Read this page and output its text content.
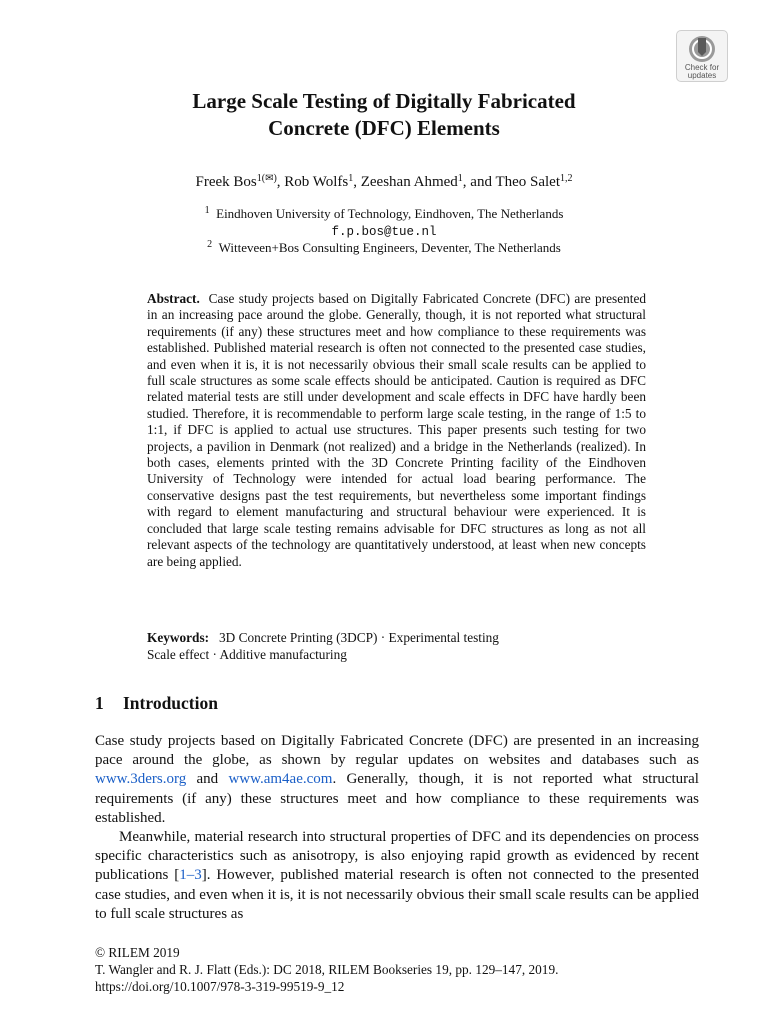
Check for
updates
Large Scale Testing of Digitally Fabricated
Concrete (DFC) Elements
Freek Bos$^{1(✉)}$, Rob Wolfs$^1$, Zeeshan Ahmed$^1$, and Theo Salet$^{1,2}$
$^1$ Eindhoven University of Technology, Eindhoven, The Netherlands
f.p.bos@tue.nl
$^2$ Witteveen+Bos Consulting Engineers, Deventer, The Netherlands

Abstract. Case study projects based on Digitally Fabricated Concrete (DFC) are presented in an increasing pace around the globe. Generally, though, it is not reported what structural requirements (if any) these structures meet and how compliance to these requirements was established. Published material research is often not connected to the presented case studies, and even when it is, it is not necessarily obvious their small scale results can be applied to full scale structures as some scale effects should be anticipated. Caution is required as DFC related material tests are still under development and scale effects in DFC have hardly been studied. Therefore, it is recommendable to perform large scale testing, in the range of 1:5 to 1:1, if DFC is applied to actual use structures. This paper presents such testing for two projects, a pavilion in Denmark (not realized) and a bridge in the Netherlands (realized). In both cases, elements printed with the 3D Concrete Printing facility of the Eindhoven University of Technology were intended for actual load bearing performance. The conservative designs past the test requirements, but nevertheless some important findings with regard to element manufacturing and structural behaviour were experienced. It is concluded that large scale testing remains advisable for DFC structures as long as not all relevant aspects of the technology are quantitatively understood, at least when new concepts are being applied.

Keywords: 3D Concrete Printing (3DCP) · Experimental testing
Scale effect · Additive manufacturing
1 Introduction

Case study projects based on Digitally Fabricated Concrete (DFC) are presented in an increasing pace around the globe, as shown by regular updates on websites and databases such as www.3ders.org and www.am4ae.com. Generally, though, it is not reported what structural requirements (if any) these structures meet and how compliance to these requirements was established.

Meanwhile, material research into structural properties of DFC and its dependencies on process specific characteristics such as anisotropy, is also enjoying rapid growth as evidenced by recent publications [1–3]. However, published material research is often not connected to the presented case studies, and even when it is, it is not necessarily obvious their small scale results can be applied to full scale structures as

© RILEM 2019
T. Wangler and R. J. Flatt (Eds.): DC 2018, RILEM Bookseries 19, pp. 129–147, 2019.
https://doi.org/10.1007/978-3-319-99519-9_12
